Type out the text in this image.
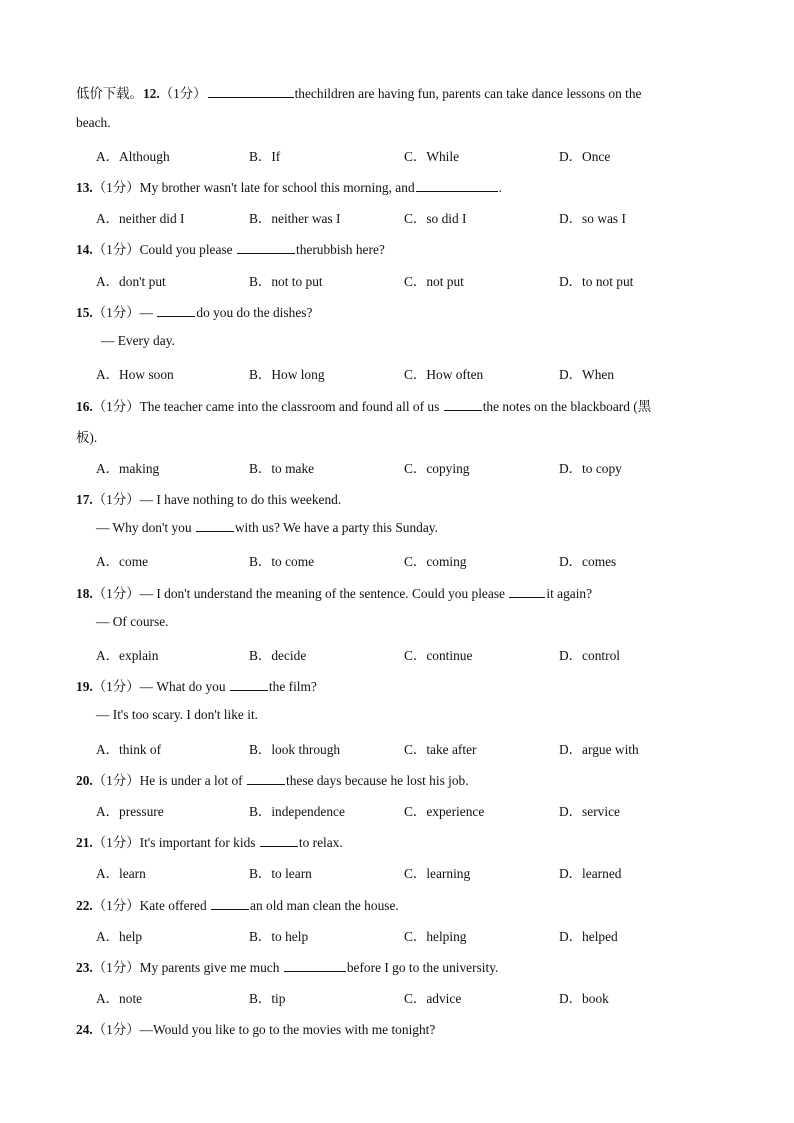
低价下载。12.（1分）	thechildren are having fun, parents can take dance lessons on the
beach.
A．Although	B．If	C．While	D．Once
13.（1分）My brother wasn't late for school this morning, and	.
A．neither did I	B．neither was I	C．so did I	D．so was I
14.（1分）Could you please	therubbish here?
A．don't put	B．not to put	C．not put	D．to not put
15.（1分）—	do you do the dishes?
— Every day.
A．How soon	B．How long	C．How often	D．When
16.（1分）The teacher came into the classroom and found all of us	the notes on the blackboard (黑
板).
A．making	B．to make	C．copying	D．to copy
17.（1分）— I have nothing to do this weekend.
— Why don't you	with us? We have a party this Sunday.
A．come	B．to come	C．coming	D．comes
18.（1分）— I don't understand the meaning of the sentence. Could you please	it again?
— Of course.
A．explain	B．decide	C．continue	D．control
19.（1分）— What do you	the film?
— It's too scary. I don't like it.
A．think of	B．look through	C．take after	D．argue with
20.（1分）He is under a lot of	these days because he lost his job.
A．pressure	B．independence	C．experience	D．service
21.（1分）It's important for kids	to relax.
A．learn	B．to learn	C．learning	D．learned
22.（1分）Kate offered	an old man clean the house.
A．help	B．to help	C．helping	D．helped
23.（1分）My parents give me much	before I go to the university.
A．note	B．tip	C．advice	D．book
24.（1分）—Would you like to go to the movies with me tonight?
